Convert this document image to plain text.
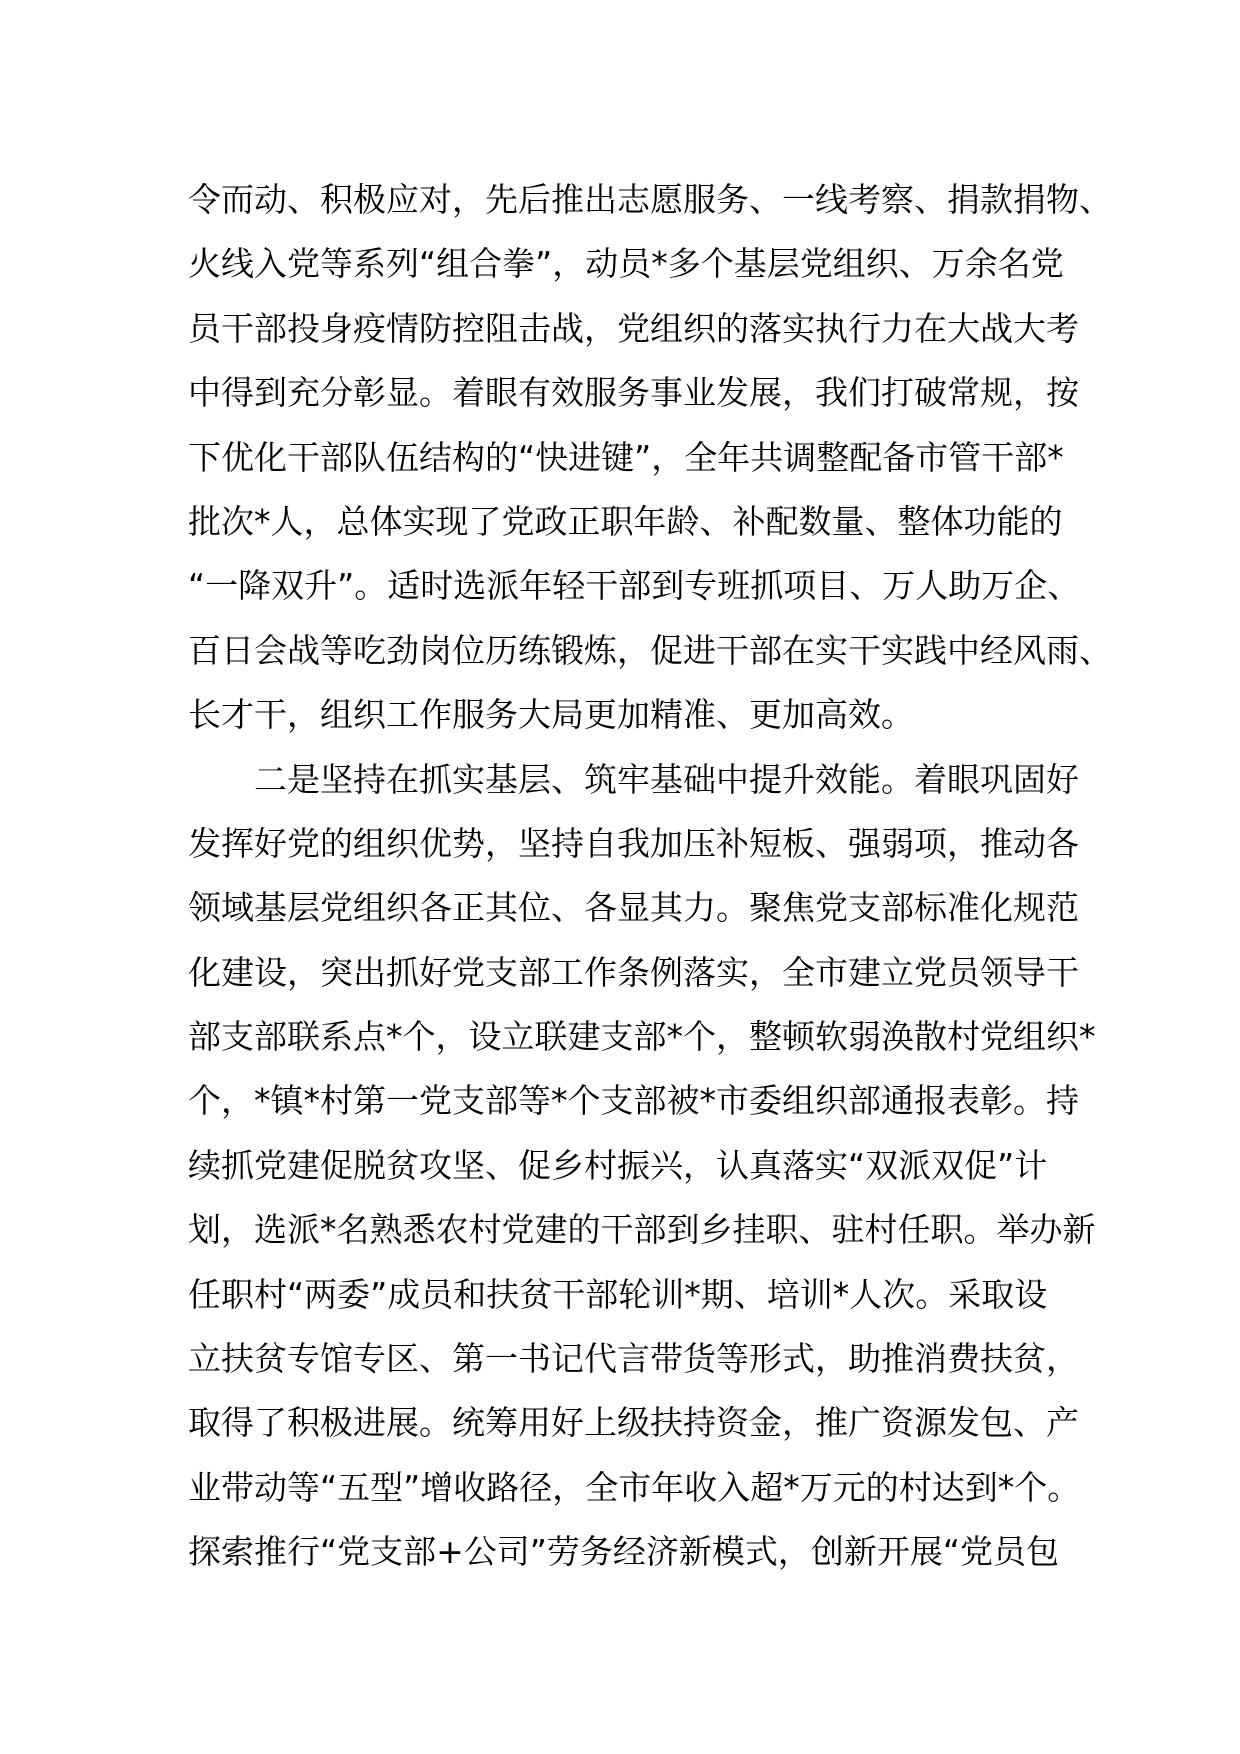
令而动、积极应对，先后推出志愿服务、一线考察、捐款捐物、
火线入党等系列“组合拳”，动员*多个基层党组织、万余名党
员干部投身疫情防控阻击战，党组织的落实执行力在大战大考
中得到充分彰显。着眼有效服务事业发展，我们打破常规，按
下优化干部队伍结构的“快进键”，全年共调整配备市管干部*
批次*人，总体实现了党政正职年龄、补配数量、整体功能的
“一降双升”。适时选派年轻干部到专班抓项目、万人助万企、
百日会战等吃劲岗位历练锻炼，促进干部在实干实践中经风雨、
长才干，组织工作服务大局更加精准、更加高效。
　　二是坚持在抓实基层、筑牢基础中提升效能。着眼巩固好
发挥好党的组织优势，坚持自我加压补短板、强弱项，推动各
领域基层党组织各正其位、各显其力。聚焦党支部标准化规范
化建设，突出抓好党支部工作条例落实，全市建立党员领导干
部支部联系点*个，设立联建支部*个，整顿软弱涣散村党组织*
个，*镇*村第一党支部等*个支部被*市委组织部通报表彰。持
续抓党建促脱贫攻坚、促乡村振兴，认真落实“双派双促”计
划，选派*名熟悉农村党建的干部到乡挂职、驻村任职。举办新
任职村“两委”成员和扶贫干部轮训*期、培训*人次。采取设
立扶贫专馆专区、第一书记代言带货等形式，助推消费扶贫，
取得了积极进展。统筹用好上级扶持资金，推广资源发包、产
业带动等“五型”增收路径，全市年收入超*万元的村达到*个。
探索推行“党支部+公司”劳务经济新模式，创新开展“党员包
